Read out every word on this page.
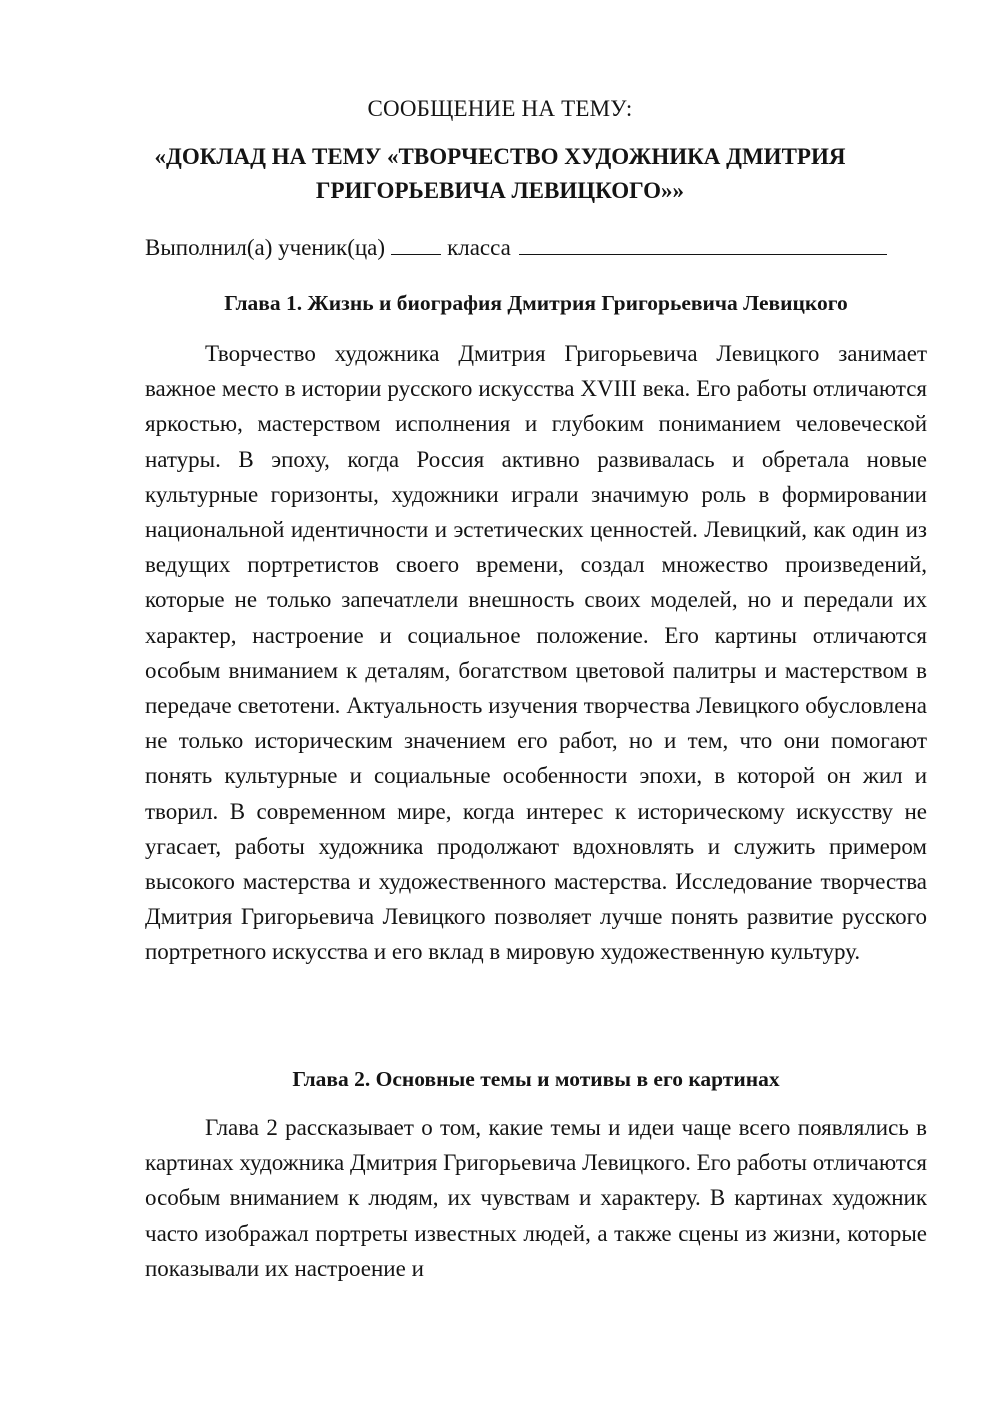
СООБЩЕНИЕ НА ТЕМУ:

«ДОКЛАД НА ТЕМУ «ТВОРЧЕСТВО ХУДОЖНИКА ДМИТРИЯ ГРИГОРЬЕВИЧА ЛЕВИЦКОГО»»

Выполнил(а) ученик(ца)	класса

Глава 1. Жизнь и биография Дмитрия Григорьевича Левицкого

Творчество художника Дмитрия Григорьевича Левицкого занимает важное место в истории русского искусства XVIII века. Его работы отличаются яркостью, мастерством исполнения и глубоким пониманием человеческой натуры. В эпоху, когда Россия активно развивалась и обретала новые культурные горизонты, художники играли значимую роль в формировании национальной идентичности и эстетических ценностей. Левицкий, как один из ведущих портретистов своего времени, создал множество произведений, которые не только запечатлели внешность своих моделей, но и передали их характер, настроение и социальное положение. Его картины отличаются особым вниманием к деталям, богатством цветовой палитры и мастерством в передаче светотени. Актуальность изучения творчества Левицкого обусловлена не только историческим значением его работ, но и тем, что они помогают понять культурные и социальные особенности эпохи, в которой он жил и творил. В современном мире, когда интерес к историческому искусству не угасает, работы художника продолжают вдохновлять и служить примером высокого мастерства и художественного мастерства. Исследование творчества Дмитрия Григорьевича Левицкого позволяет лучше понять развитие русского портретного искусства и его вклад в мировую художественную культуру.

Глава 2. Основные темы и мотивы в его картинах

Глава 2 рассказывает о том, какие темы и идеи чаще всего появлялись в картинах художника Дмитрия Григорьевича Левицкого. Его работы отличаются особым вниманием к людям, их чувствам и характеру. В картинах художник часто изображал портреты известных людей, а также сцены из жизни, которые показывали их настроение и
